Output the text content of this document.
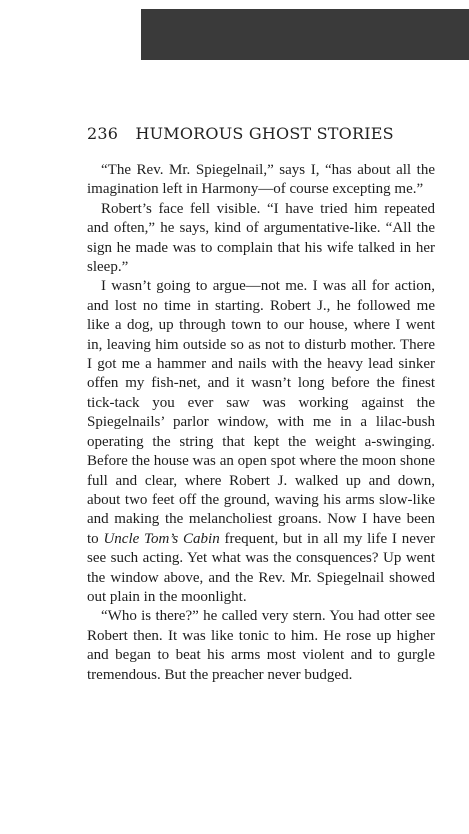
236 HUMOROUS GHOST STORIES

“The Rev. Mr. Spiegelnail,” says I, “has about all the imagination left in Harmony—of course excepting me.”

Robert’s face fell visible. “I have tried him repeated and often,” he says, kind of argumentative-like. “All the sign he made was to complain that his wife talked in her sleep.”

I wasn’t going to argue—not me. I was all for action, and lost no time in starting. Robert J., he followed me like a dog, up through town to our house, where I went in, leaving him outside so as not to disturb mother. There I got me a hammer and nails with the heavy lead sinker offen my fish-net, and it wasn’t long before the finest tick-tack you ever saw was working against the Spiegelnails’ parlor window, with me in a lilac-bush operating the string that kept the weight a-swinging. Before the house was an open spot where the moon shone full and clear, where Robert J. walked up and down, about two feet off the ground, waving his arms slow-like and making the melancholiest groans. Now I have been to Uncle Tom’s Cabin frequent, but in all my life I never see such acting. Yet what was the consquences? Up went the window above, and the Rev. Mr. Spiegelnail showed out plain in the moonlight.

“Who is there?” he called very stern. You had otter see Robert then. It was like tonic to him. He rose up higher and began to beat his arms most violent and to gurgle tremendous. But the preacher never budged.
